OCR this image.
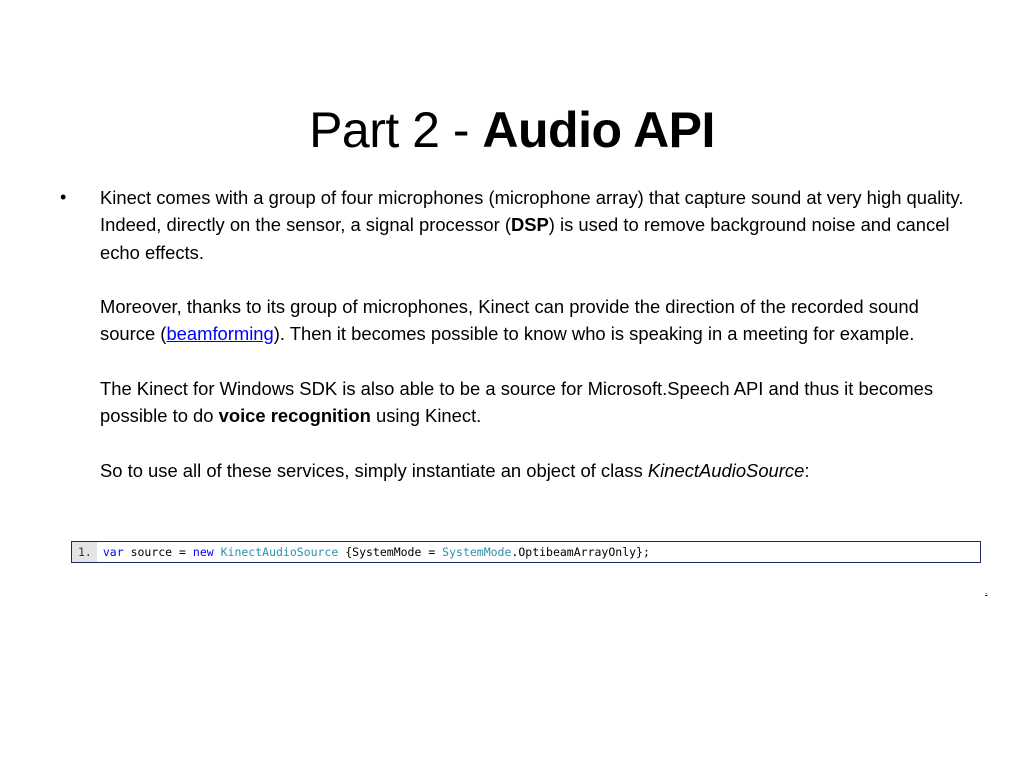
Part 2 - Audio API
• Kinect comes with a group of four microphones (microphone array) that capture sound at very high quality. Indeed, directly on the sensor, a signal processor (DSP) is used to remove background noise and cancel echo effects.

Moreover, thanks to its group of microphones, Kinect can provide the direction of the recorded sound source (beamforming). Then it becomes possible to know who is speaking in a meeting for example.

The Kinect for Windows SDK is also able to be a source for Microsoft.Speech API and thus it becomes possible to do voice recognition using Kinect.

So to use all of these services, simply instantiate an object of class KinectAudioSource:

1. var source = new KinectAudioSource {SystemMode = SystemMode.OptibeamArrayOnly};
.
